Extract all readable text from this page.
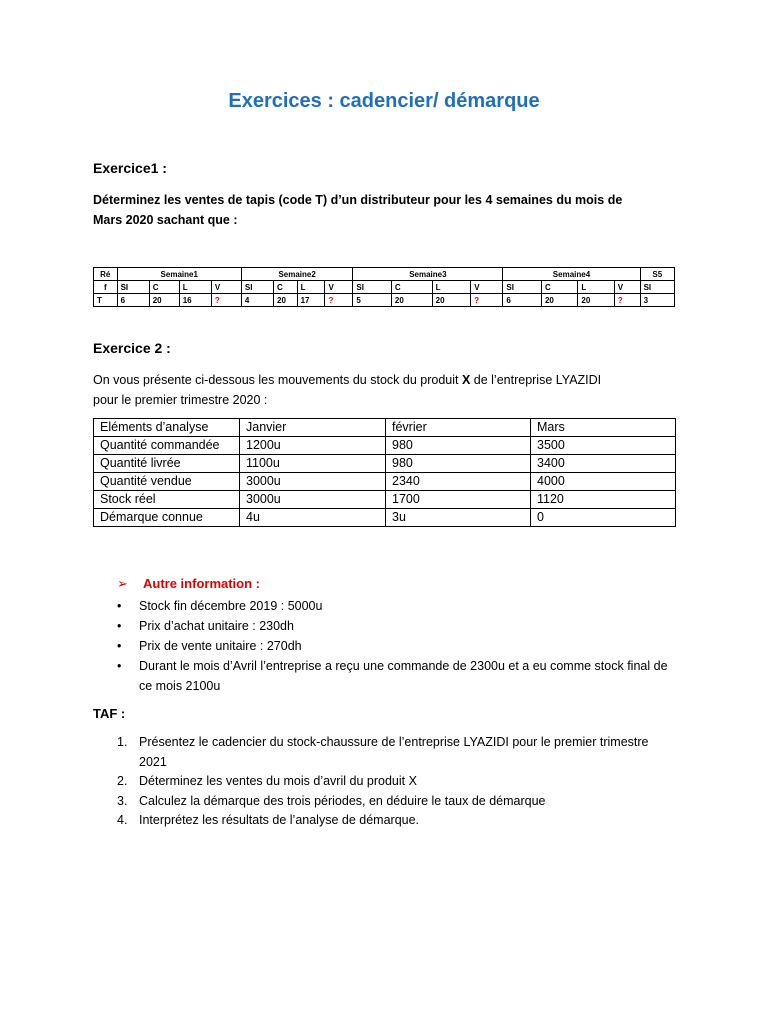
Exercices : cadencier/ démarque
Exercice1 :
Déterminez les ventes de tapis (code T) d’un distributeur pour les 4 semaines du mois de
Mars 2020 sachant que :
Ré	Semaine1				Semaine2				Semaine3				Semaine4				S5
f	SI	C	L	V	SI	C	L	V	SI	C	L	V	SI	C	L	V	SI
T	6	20	16	?	4	20	17	?	5	20	20	?	6	20	20	?	3
Exercice 2 :
On vous présente ci-dessous les mouvements du stock du produit X de l’entreprise LYAZIDI
pour le premier trimestre 2020 :
Eléments d’analyse	Janvier	février	Mars
Quantité commandée	1200u	980	3500
Quantité livrée	1100u	980	3400
Quantité vendue	3000u	2340	4000
Stock réel	3000u	1700	1120
Démarque connue	4u	3u	0
➢ Autre information :
• Stock fin décembre 2019 : 5000u
• Prix d’achat unitaire : 230dh
• Prix de vente unitaire : 270dh
• Durant le mois d’Avril l’entreprise a reçu une commande de 2300u et a eu comme stock final de ce mois 2100u
TAF :
1. Présentez le cadencier du stock-chaussure de l’entreprise LYAZIDI pour le premier trimestre 2021
2. Déterminez les ventes du mois d’avril du produit X
3. Calculez la démarque des trois périodes, en déduire le taux de démarque
4. Interprétez les résultats de l’analyse de démarque.
